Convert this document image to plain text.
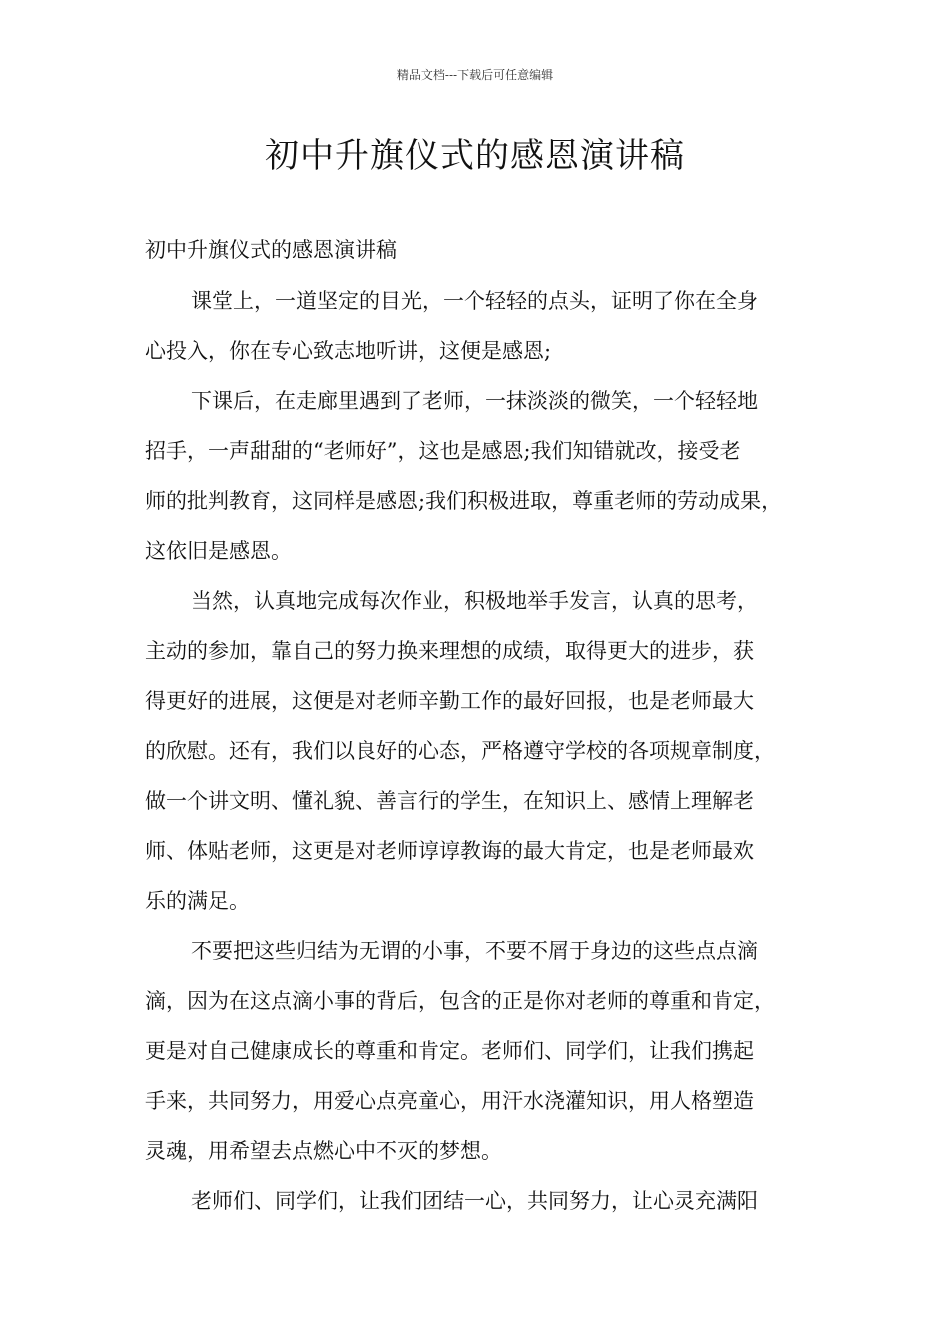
精品文档---下载后可任意编辑
初中升旗仪式的感恩演讲稿

初中升旗仪式的感恩演讲稿

课堂上，一道坚定的目光，一个轻轻的点头，证明了你在全身
心投入，你在专心致志地听讲，这便是感恩;
下课后，在走廊里遇到了老师，一抹淡淡的微笑，一个轻轻地
招手，一声甜甜的“老师好”，这也是感恩;我们知错就改，接受老
师的批判教育，这同样是感恩;我们积极进取，尊重老师的劳动成果，
这依旧是感恩。
当然，认真地完成每次作业，积极地举手发言，认真的思考，
主动的参加，靠自己的努力换来理想的成绩，取得更大的进步，获
得更好的进展，这便是对老师辛勤工作的最好回报，也是老师最大
的欣慰。还有，我们以良好的心态，严格遵守学校的各项规章制度，
做一个讲文明、懂礼貌、善言行的学生，在知识上、感情上理解老
师、体贴老师，这更是对老师谆谆教诲的最大肯定，也是老师最欢
乐的满足。
不要把这些归结为无谓的小事，不要不屑于身边的这些点点滴
滴，因为在这点滴小事的背后，包含的正是你对老师的尊重和肯定，
更是对自己健康成长的尊重和肯定。老师们、同学们，让我们携起
手来，共同努力，用爱心点亮童心，用汗水浇灌知识，用人格塑造
灵魂，用希望去点燃心中不灭的梦想。
老师们、同学们，让我们团结一心，共同努力，让心灵充满阳
